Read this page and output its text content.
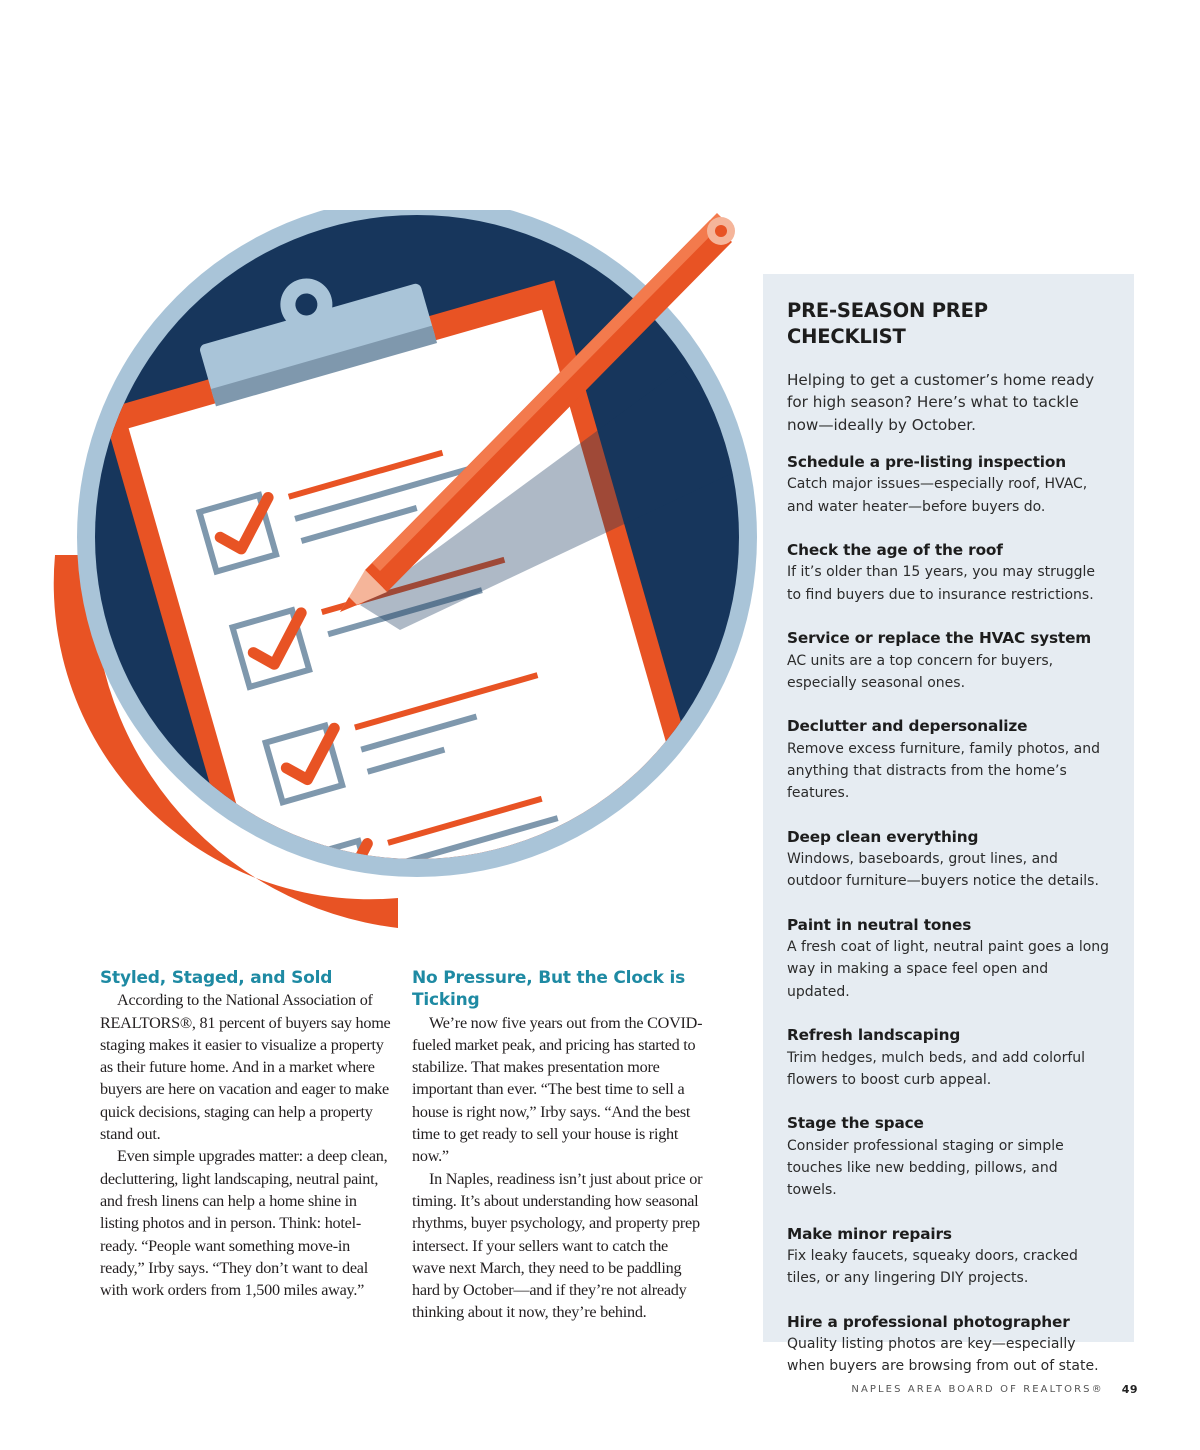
PRE-SEASON PREP CHECKLIST

Helping to get a customer’s home ready for high season? Here’s what to tackle now—ideally by October.

Schedule a pre-listing inspection
Catch major issues—especially roof, HVAC, and water heater—before buyers do.
Check the age of the roof
If it’s older than 15 years, you may struggle to find buyers due to insurance restrictions.
Service or replace the HVAC system
AC units are a top concern for buyers, especially seasonal ones.
Declutter and depersonalize
Remove excess furniture, family photos, and anything that distracts from the home’s features.
Deep clean everything
Windows, baseboards, grout lines, and outdoor furniture—buyers notice the details.
Paint in neutral tones
A fresh coat of light, neutral paint goes a long way in making a space feel open and updated.
Refresh landscaping
Trim hedges, mulch beds, and add colorful flowers to boost curb appeal.
Stage the space
Consider professional staging or simple touches like new bedding, pillows, and towels.
Make minor repairs
Fix leaky faucets, squeaky doors, cracked tiles, or any lingering DIY projects.
Hire a professional photographer
Quality listing photos are key—especially when buyers are browsing from out of state.
Styled, Staged, and Sold

According to the National Association of REALTORS®, 81 percent of buyers say home staging makes it easier to visualize a property as their future home. And in a market where buyers are here on vacation and eager to make quick decisions, staging can help a property stand out.

Even simple upgrades matter: a deep clean, decluttering, light landscaping, neutral paint, and fresh linens can help a home shine in listing photos and in person. Think: hotel-ready. “People want something move-in ready,” Irby says. “They don’t want to deal with work orders from 1,500 miles away.”

No Pressure, But the Clock is Ticking

We’re now five years out from the COVID-fueled market peak, and pricing has started to stabilize. That makes presentation more important than ever. “The best time to sell a house is right now,” Irby says. “And the best time to get ready to sell your house is right now.”

In Naples, readiness isn’t just about price or timing. It’s about understanding how seasonal rhythms, buyer psychology, and property prep intersect. If your sellers want to catch the wave next March, they need to be paddling hard by October—and if they’re not already thinking about it now, they’re behind.

NAPLES AREA BOARD OF REALTORS® 49
